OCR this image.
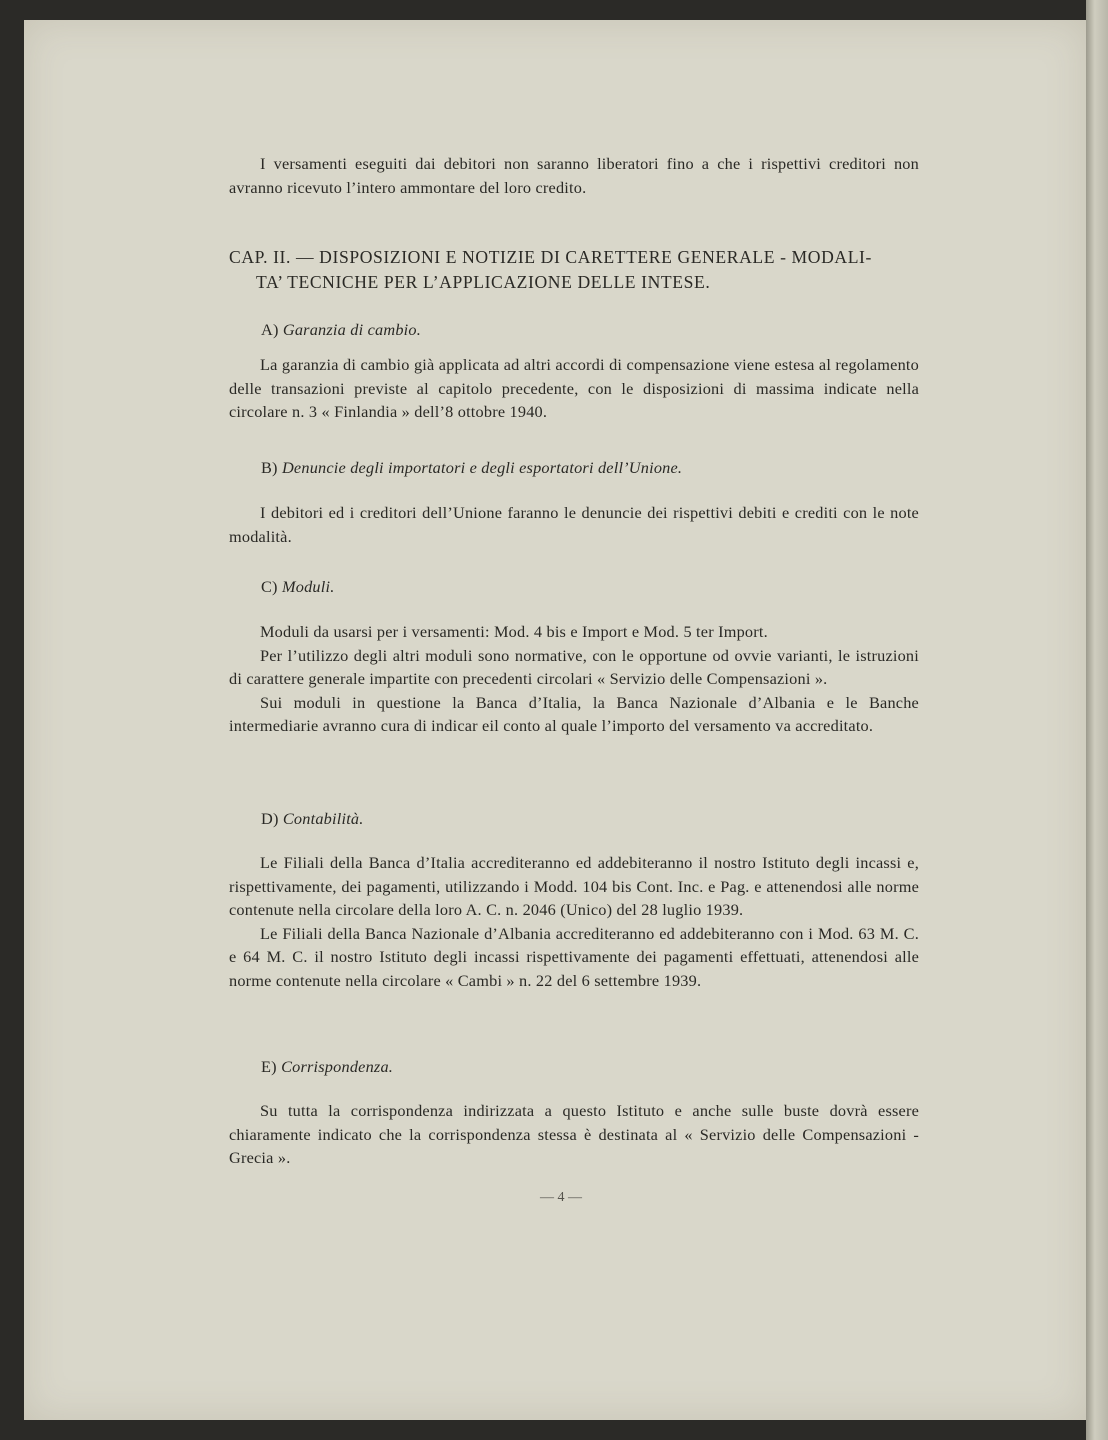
I versamenti eseguiti dai debitori non saranno liberatori fino a che i rispettivi creditori non avranno ricevuto l’intero ammontare del loro credito.

CAP. II. — DISPOSIZIONI E NOTIZIE DI CARETTERE GENERALE - MODALI-
TA’ TECNICHE PER L’APPLICAZIONE DELLE INTESE.
A) Garanzia di cambio.

La garanzia di cambio già applicata ad altri accordi di compensazione viene estesa al regolamento delle transazioni previste al capitolo precedente, con le disposizioni di massima indicate nella circolare n. 3 « Finlandia » dell’8 ottobre 1940.

B) Denuncie degli importatori e degli esportatori dell’Unione.

I debitori ed i creditori dell’Unione faranno le denuncie dei rispettivi debiti e crediti con le note modalità.

C) Moduli.

Moduli da usarsi per i versamenti: Mod. 4 bis e Import e Mod. 5 ter Import.

Per l’utilizzo degli altri moduli sono normative, con le opportune od ovvie varianti, le istruzioni di carattere generale impartite con precedenti circolari « Servizio delle Compensazioni ».

Sui moduli in questione la Banca d’Italia, la Banca Nazionale d’Albania e le Banche intermediarie avranno cura di indicar eil conto al quale l’importo del versamento va accreditato.

D) Contabilità.

Le Filiali della Banca d’Italia accrediteranno ed addebiteranno il nostro Istituto degli incassi e, rispettivamente, dei pagamenti, utilizzando i Modd. 104 bis Cont. Inc. e Pag. e attenendosi alle norme contenute nella circolare della loro A. C. n. 2046 (Unico) del 28 luglio 1939.

Le Filiali della Banca Nazionale d’Albania accrediteranno ed addebiteranno con i Mod. 63 M. C. e 64 M. C. il nostro Istituto degli incassi rispettivamente dei pagamenti effettuati, attenendosi alle norme contenute nella circolare « Cambi » n. 22 del 6 settembre 1939.

E) Corrispondenza.

Su tutta la corrispondenza indirizzata a questo Istituto e anche sulle buste dovrà essere chiaramente indicato che la corrispondenza stessa è destinata al « Servizio delle Compensazioni - Grecia ».

— 4 —
